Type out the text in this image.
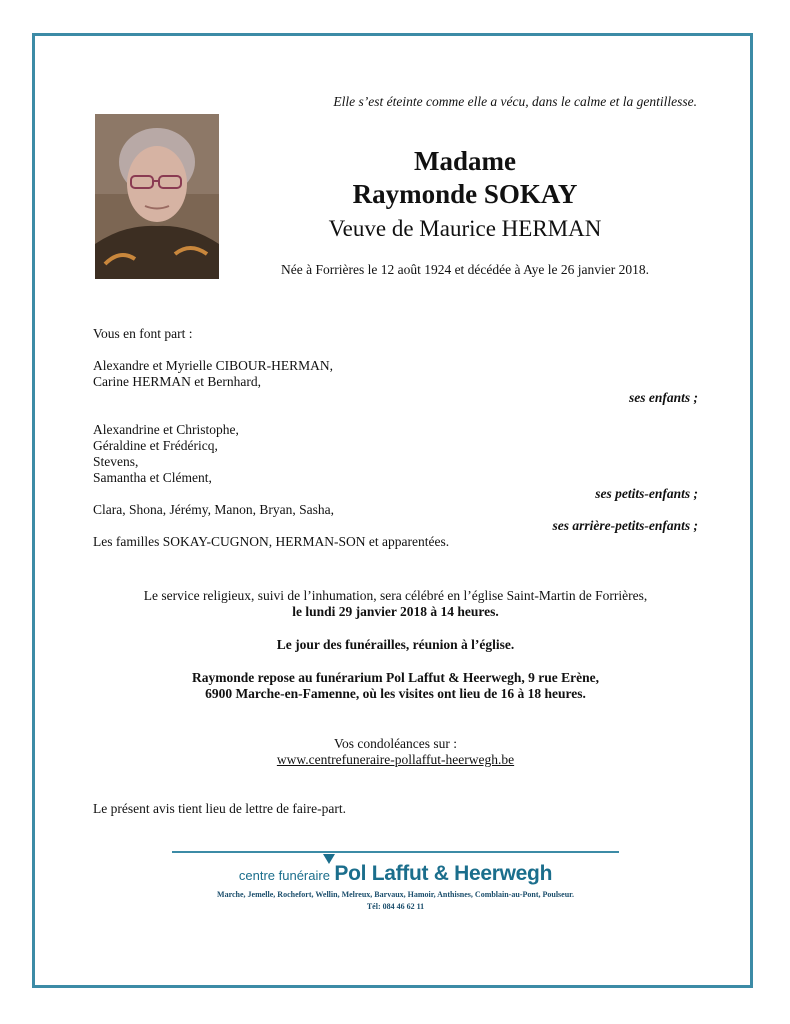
Elle s’est éteinte comme elle a vécu, dans le calme et la gentillesse.
Madame
Raymonde SOKAY
Veuve de Maurice HERMAN
Née à Forrières le 12 août 1924 et décédée à Aye le 26 janvier 2018.
Vous en font part :
Alexandre et Myrielle CIBOUR-HERMAN,
Carine HERMAN et Bernhard,
ses enfants ;
Alexandrine et Christophe,
Géraldine et Frédéricq,
Stevens,
Samantha et Clément,
ses petits-enfants ;
Clara, Shona, Jérémy, Manon, Bryan, Sasha,
ses arrière-petits-enfants ;
Les familles SOKAY-CUGNON, HERMAN-SON et apparentées.
Le service religieux, suivi de l’inhumation, sera célébré en l’église Saint-Martin de Forrières,
le lundi 29 janvier 2018 à 14 heures.
Le jour des funérailles, réunion à l’église.
Raymonde repose au funérarium Pol Laffut & Heerwegh, 9 rue Erène,
6900 Marche-en-Famenne, où les visites ont lieu de 16 à 18 heures.
Vos condoléances sur :
www.centrefuneraire-pollaffut-heerwegh.be
Le présent avis tient lieu de lettre de faire-part.
centre funéraire Pol Laffut & Heerwegh
Marche, Jemelle, Rochefort, Wellin, Melreux, Barvaux, Hamoir, Anthisnes, Comblain-au-Pont, Poulseur.
Tél: 084 46 62 11
